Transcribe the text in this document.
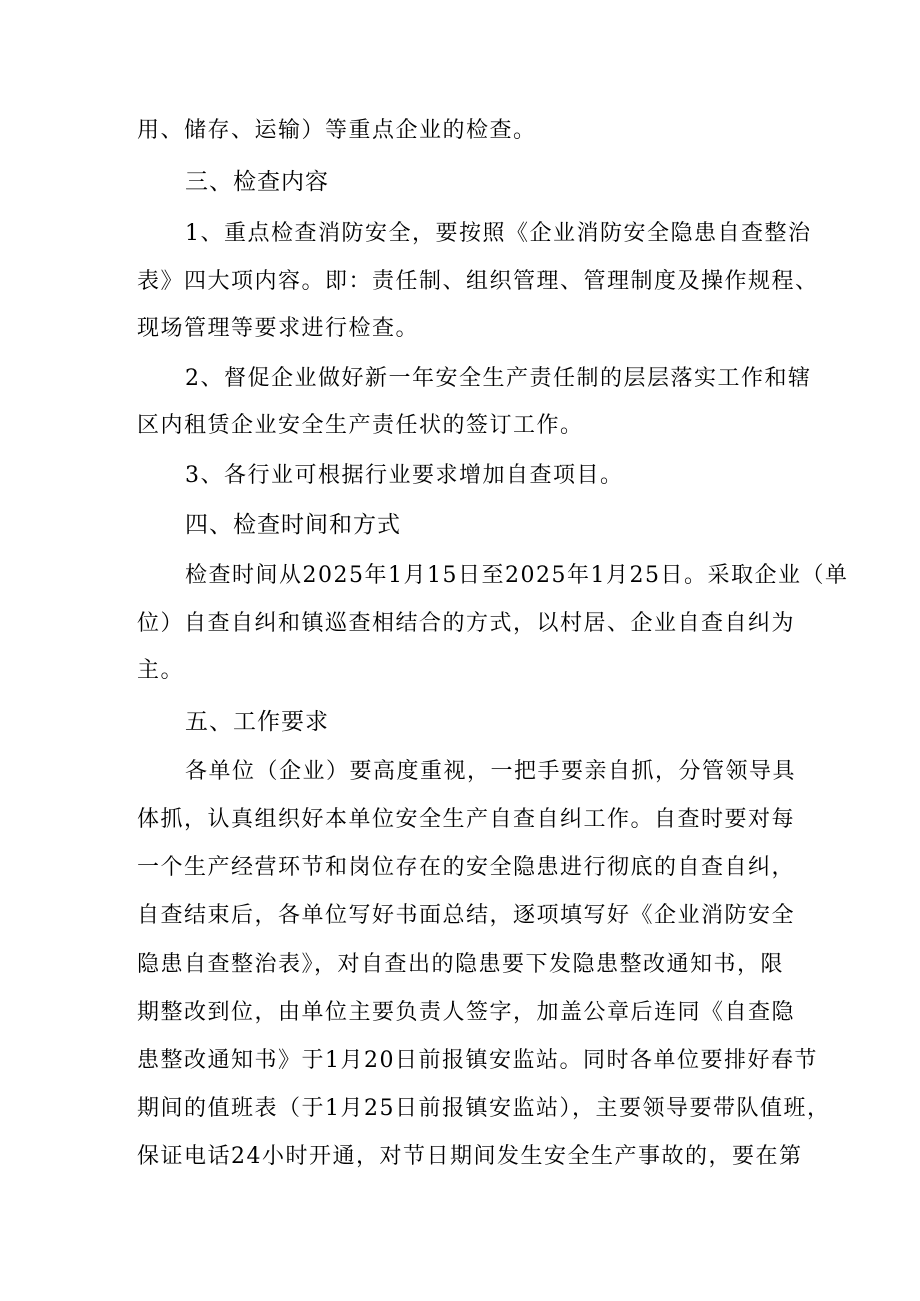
用、储存、运输）等重点企业的检查。
三、检查内容
1、重点检查消防安全，要按照《企业消防安全隐患自查整治
表》四大项内容。即：责任制、组织管理、管理制度及操作规程、
现场管理等要求进行检查。
2、督促企业做好新一年安全生产责任制的层层落实工作和辖
区内租赁企业安全生产责任状的签订工作。
3、各行业可根据行业要求增加自查项目。
四、检查时间和方式
检查时间从2025年1月15日至2025年1月25日。采取企业（单
位）自查自纠和镇巡查相结合的方式，以村居、企业自查自纠为
主。
五、工作要求
各单位（企业）要高度重视，一把手要亲自抓，分管领导具
体抓，认真组织好本单位安全生产自查自纠工作。自查时要对每
一个生产经营环节和岗位存在的安全隐患进行彻底的自查自纠，
自查结束后，各单位写好书面总结，逐项填写好《企业消防安全
隐患自查整治表》，对自查出的隐患要下发隐患整改通知书，限
期整改到位，由单位主要负责人签字，加盖公章后连同《自查隐
患整改通知书》于1月20日前报镇安监站。同时各单位要排好春节
期间的值班表（于1月25日前报镇安监站），主要领导要带队值班，
保证电话24小时开通，对节日期间发生安全生产事故的，要在第
